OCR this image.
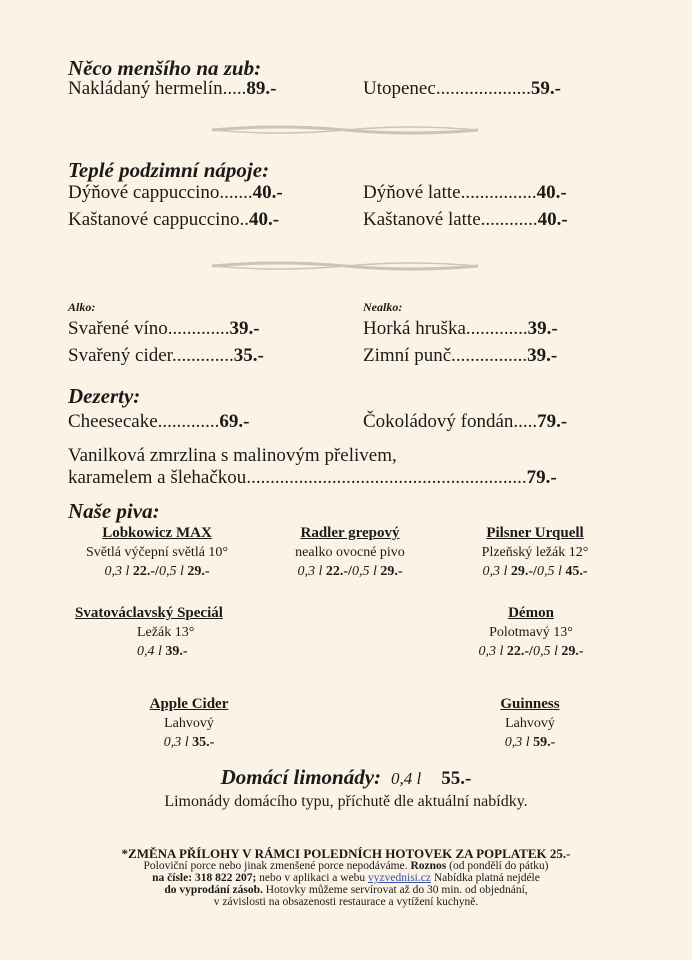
Něco menšího na zub:
Nakládaný hermelín.....89.-	Utopenec....................59.-
Teplé podzimní nápoje:
Dýňové cappuccino.......40.-	Dýňové latte................40.-
Kaštanové cappuccino..40.-	Kaštanové latte............40.-
Alko:	Nealko:
Svařené víno.............39.-	Horká hruška.............39.-
Svařený cider.............35.-	Zimní punč................39.-
Dezerty:
Cheesecake.............69.-	Čokoládový fondán.....79.-
Vanilková zmrzlina s malinovým přelivem,
karamelem a šlehačkou...........................................................79.-
Naše piva:
Lobkowicz MAX
Světlá výčepní světlá 10°
0,3 l 22.-/0,5 l 29.-
Radler grepový
nealko ovocné pivo
0,3 l 22.-/0,5 l 29.-
Pilsner Urquell
Plzeňský ležák 12°
0,3 l 29.-/0,5 l 45.-
Svatováclavský Speciál
Ležák 13°
0,4 l 39.-
Démon
Polotmavý 13°
0,3 l 22.-/0,5 l 29.-
Apple Cider
Lahvový
0,3 l 35.-
Guinness
Lahvový
0,3 l 59.-
Domácí limonády: 0,4 l 55.-
Limonády domácího typu, příchutě dle aktuální nabídky.
*ZMĚNA PŘÍLOHY V RÁMCI POLEDNÍCH HOTOVEK ZA POPLATEK 25.-
Poloviční porce nebo jinak zmenšené porce nepodáváme. Roznos (od pondělí do pátku)
na čísle: 318 822 207; nebo v aplikaci a webu vyzvednisi.cz Nabídka platná nejdéle
do vyprodání zásob. Hotovky můžeme servírovat až do 30 min. od objednání,
v závislosti na obsazenosti restaurace a vytížení kuchyně.
